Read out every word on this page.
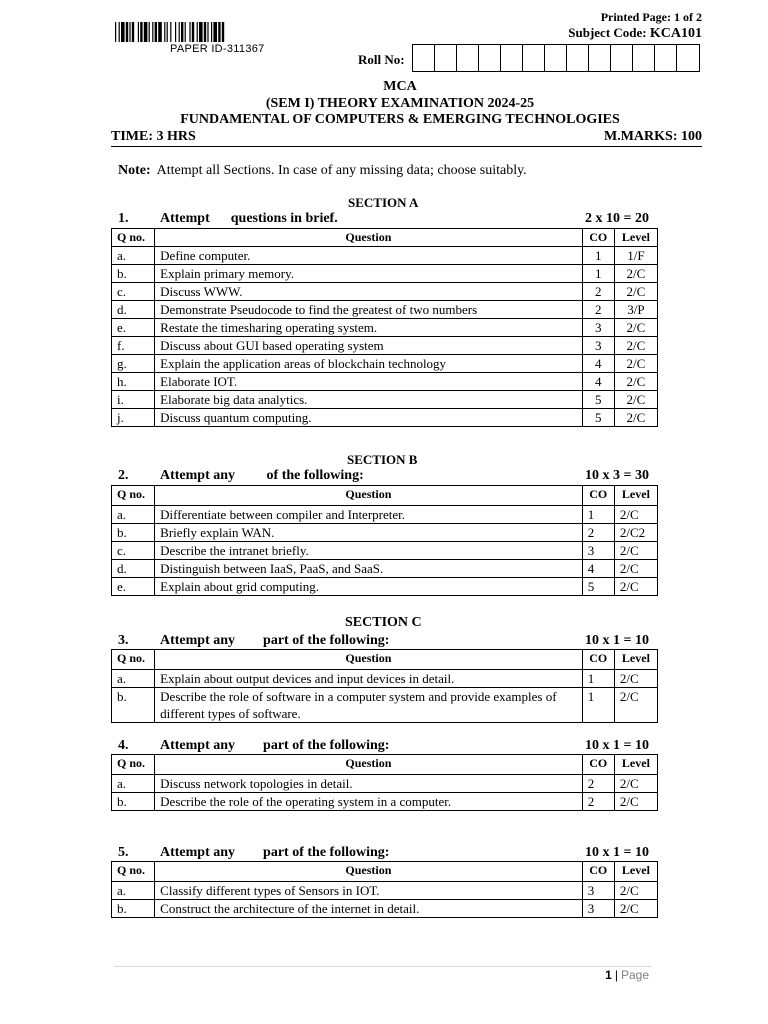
PAPER ID-311367
Printed Page: 1 of 2
Subject Code: KCA101
Roll No:
MCA
(SEM I) THEORY EXAMINATION 2024-25
FUNDAMENTAL OF COMPUTERS & EMERGING TECHNOLOGIES
TIME: 3 HRS	M.MARKS: 100
Note: Attempt all Sections. In case of any missing data; choose suitably.
SECTION A
1. Attempt      questions in brief.	2 x 10 = 20
Q no.	Question	CO	Level
a.	Define computer.	1	1/F
b.	Explain primary memory.	1	2/C
c.	Discuss WWW.	2	2/C
d.	Demonstrate Pseudocode to find the greatest of two numbers	2	3/P
e.	Restate the timesharing operating system.	3	2/C
f.	Discuss about GUI based operating system	3	2/C
g.	Explain the application areas of blockchain technology	4	2/C
h.	Elaborate IOT.	4	2/C
i.	Elaborate big data analytics.	5	2/C
j.	Discuss quantum computing.	5	2/C
SECTION B
2. Attempt any         of the following:	10 x 3 = 30
Q no.	Question	CO	Level
a.	Differentiate between compiler and Interpreter.	1	2/C
b.	Briefly explain WAN.	2	2/C2
c.	Describe the intranet briefly.	3	2/C
d.	Distinguish between IaaS, PaaS, and SaaS.	4	2/C
e.	Explain about grid computing.	5	2/C
SECTION C
3. Attempt any        part of the following:	10 x 1 = 10
Q no.	Question	CO	Level
a.	Explain about output devices and input devices in detail.	1	2/C
b.	Describe the role of software in a computer system and provide examples of different types of software.	1	2/C
4. Attempt any        part of the following:	10 x 1 = 10
Q no.	Question	CO	Level
a.	Discuss network topologies in detail.	2	2/C
b.	Describe the role of the operating system in a computer.	2	2/C
5. Attempt any        part of the following:	10 x 1 = 10
Q no.	Question	CO	Level
a.	Classify different types of Sensors in IOT.	3	2/C
b.	Construct the architecture of the internet in detail.	3	2/C
1 | Page
